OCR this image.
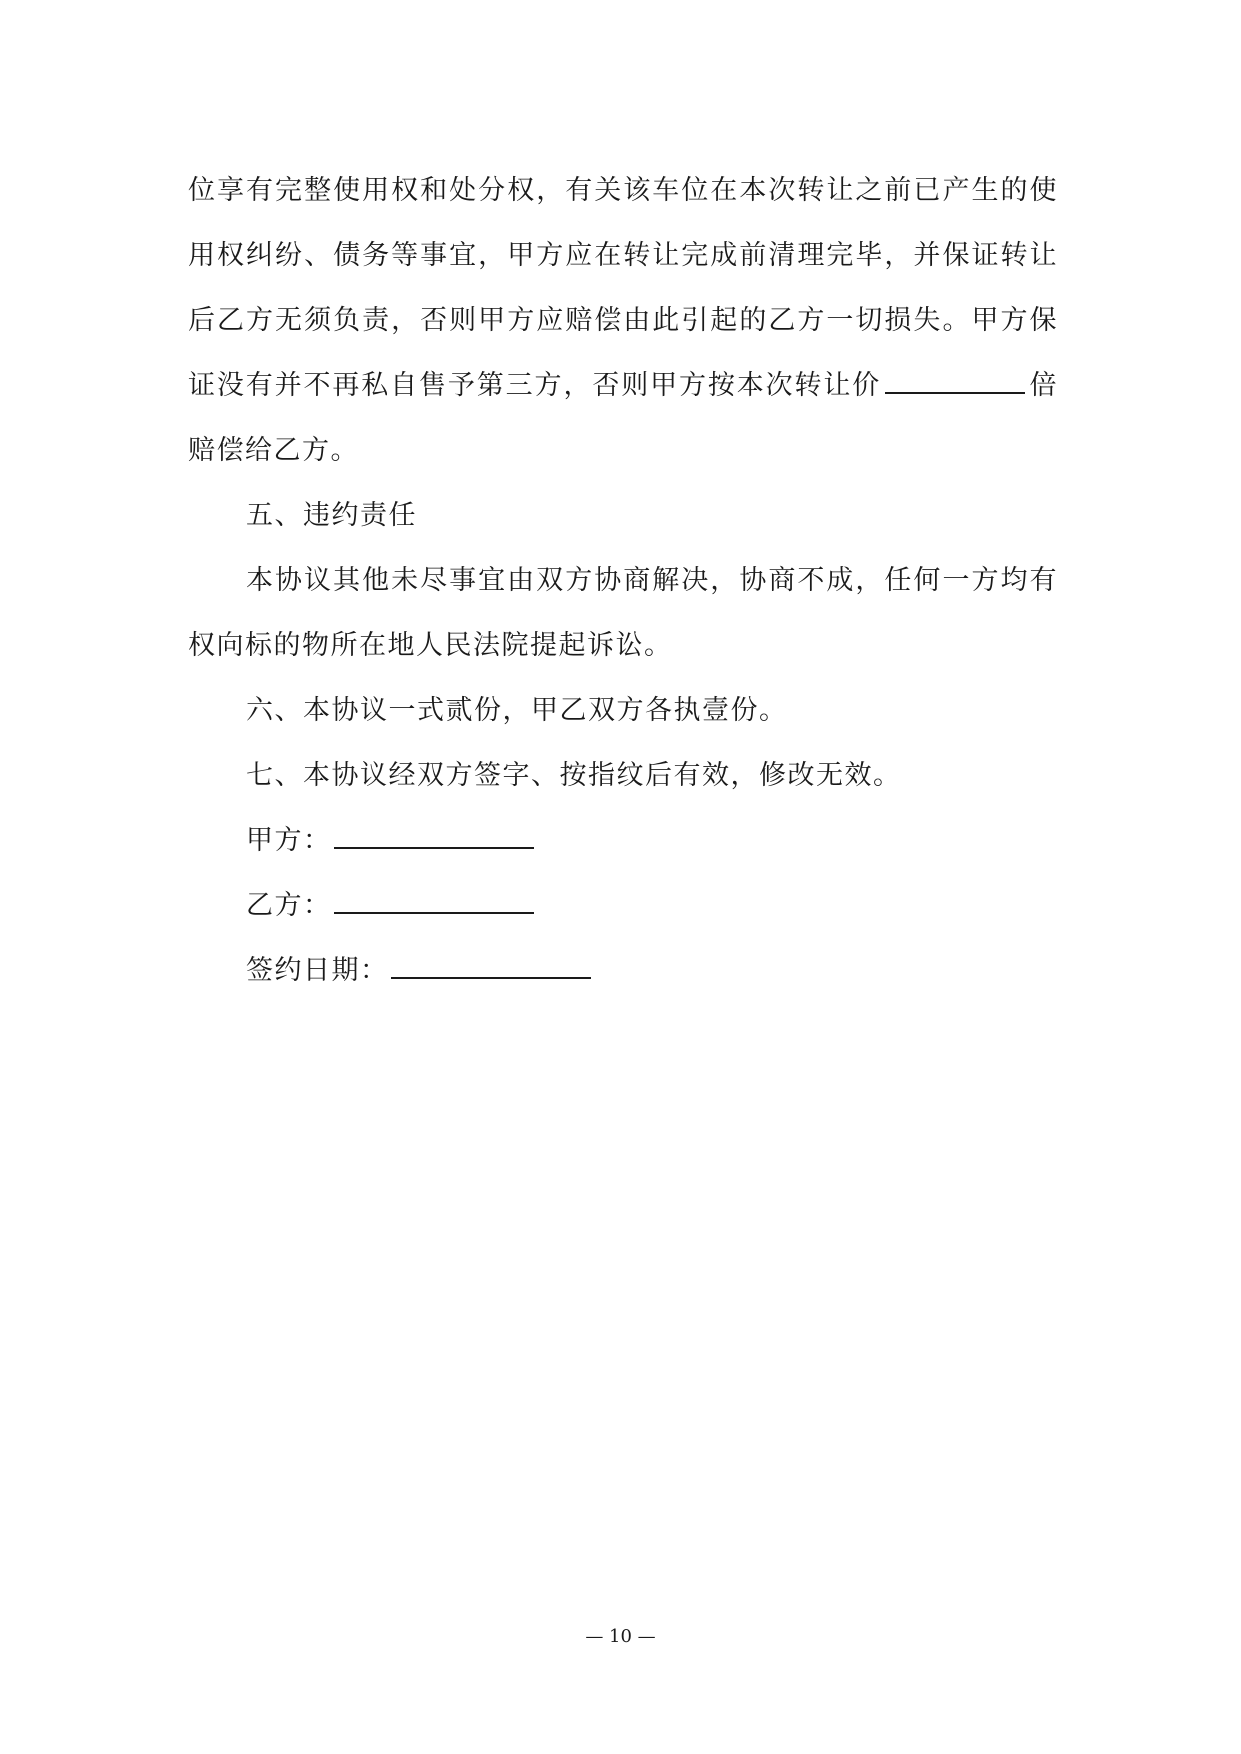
位享有完整使用权和处分权，有关该车位在本次转让之前已产生的使

用权纠纷、债务等事宜，甲方应在转让完成前清理完毕，并保证转让

后乙方无须负责，否则甲方应赔偿由此引起的乙方一切损失。甲方保

证没有并不再私自售予第三方，否则甲方按本次转让价	倍

赔偿给乙方。

五、违约责任

本协议其他未尽事宜由双方协商解决，协商不成，任何一方均有

权向标的物所在地人民法院提起诉讼。

六、本协议一式贰份，甲乙双方各执壹份。

七、本协议经双方签字、按指纹后有效，修改无效。

甲方：

乙方：

签约日期：

— 10 —
